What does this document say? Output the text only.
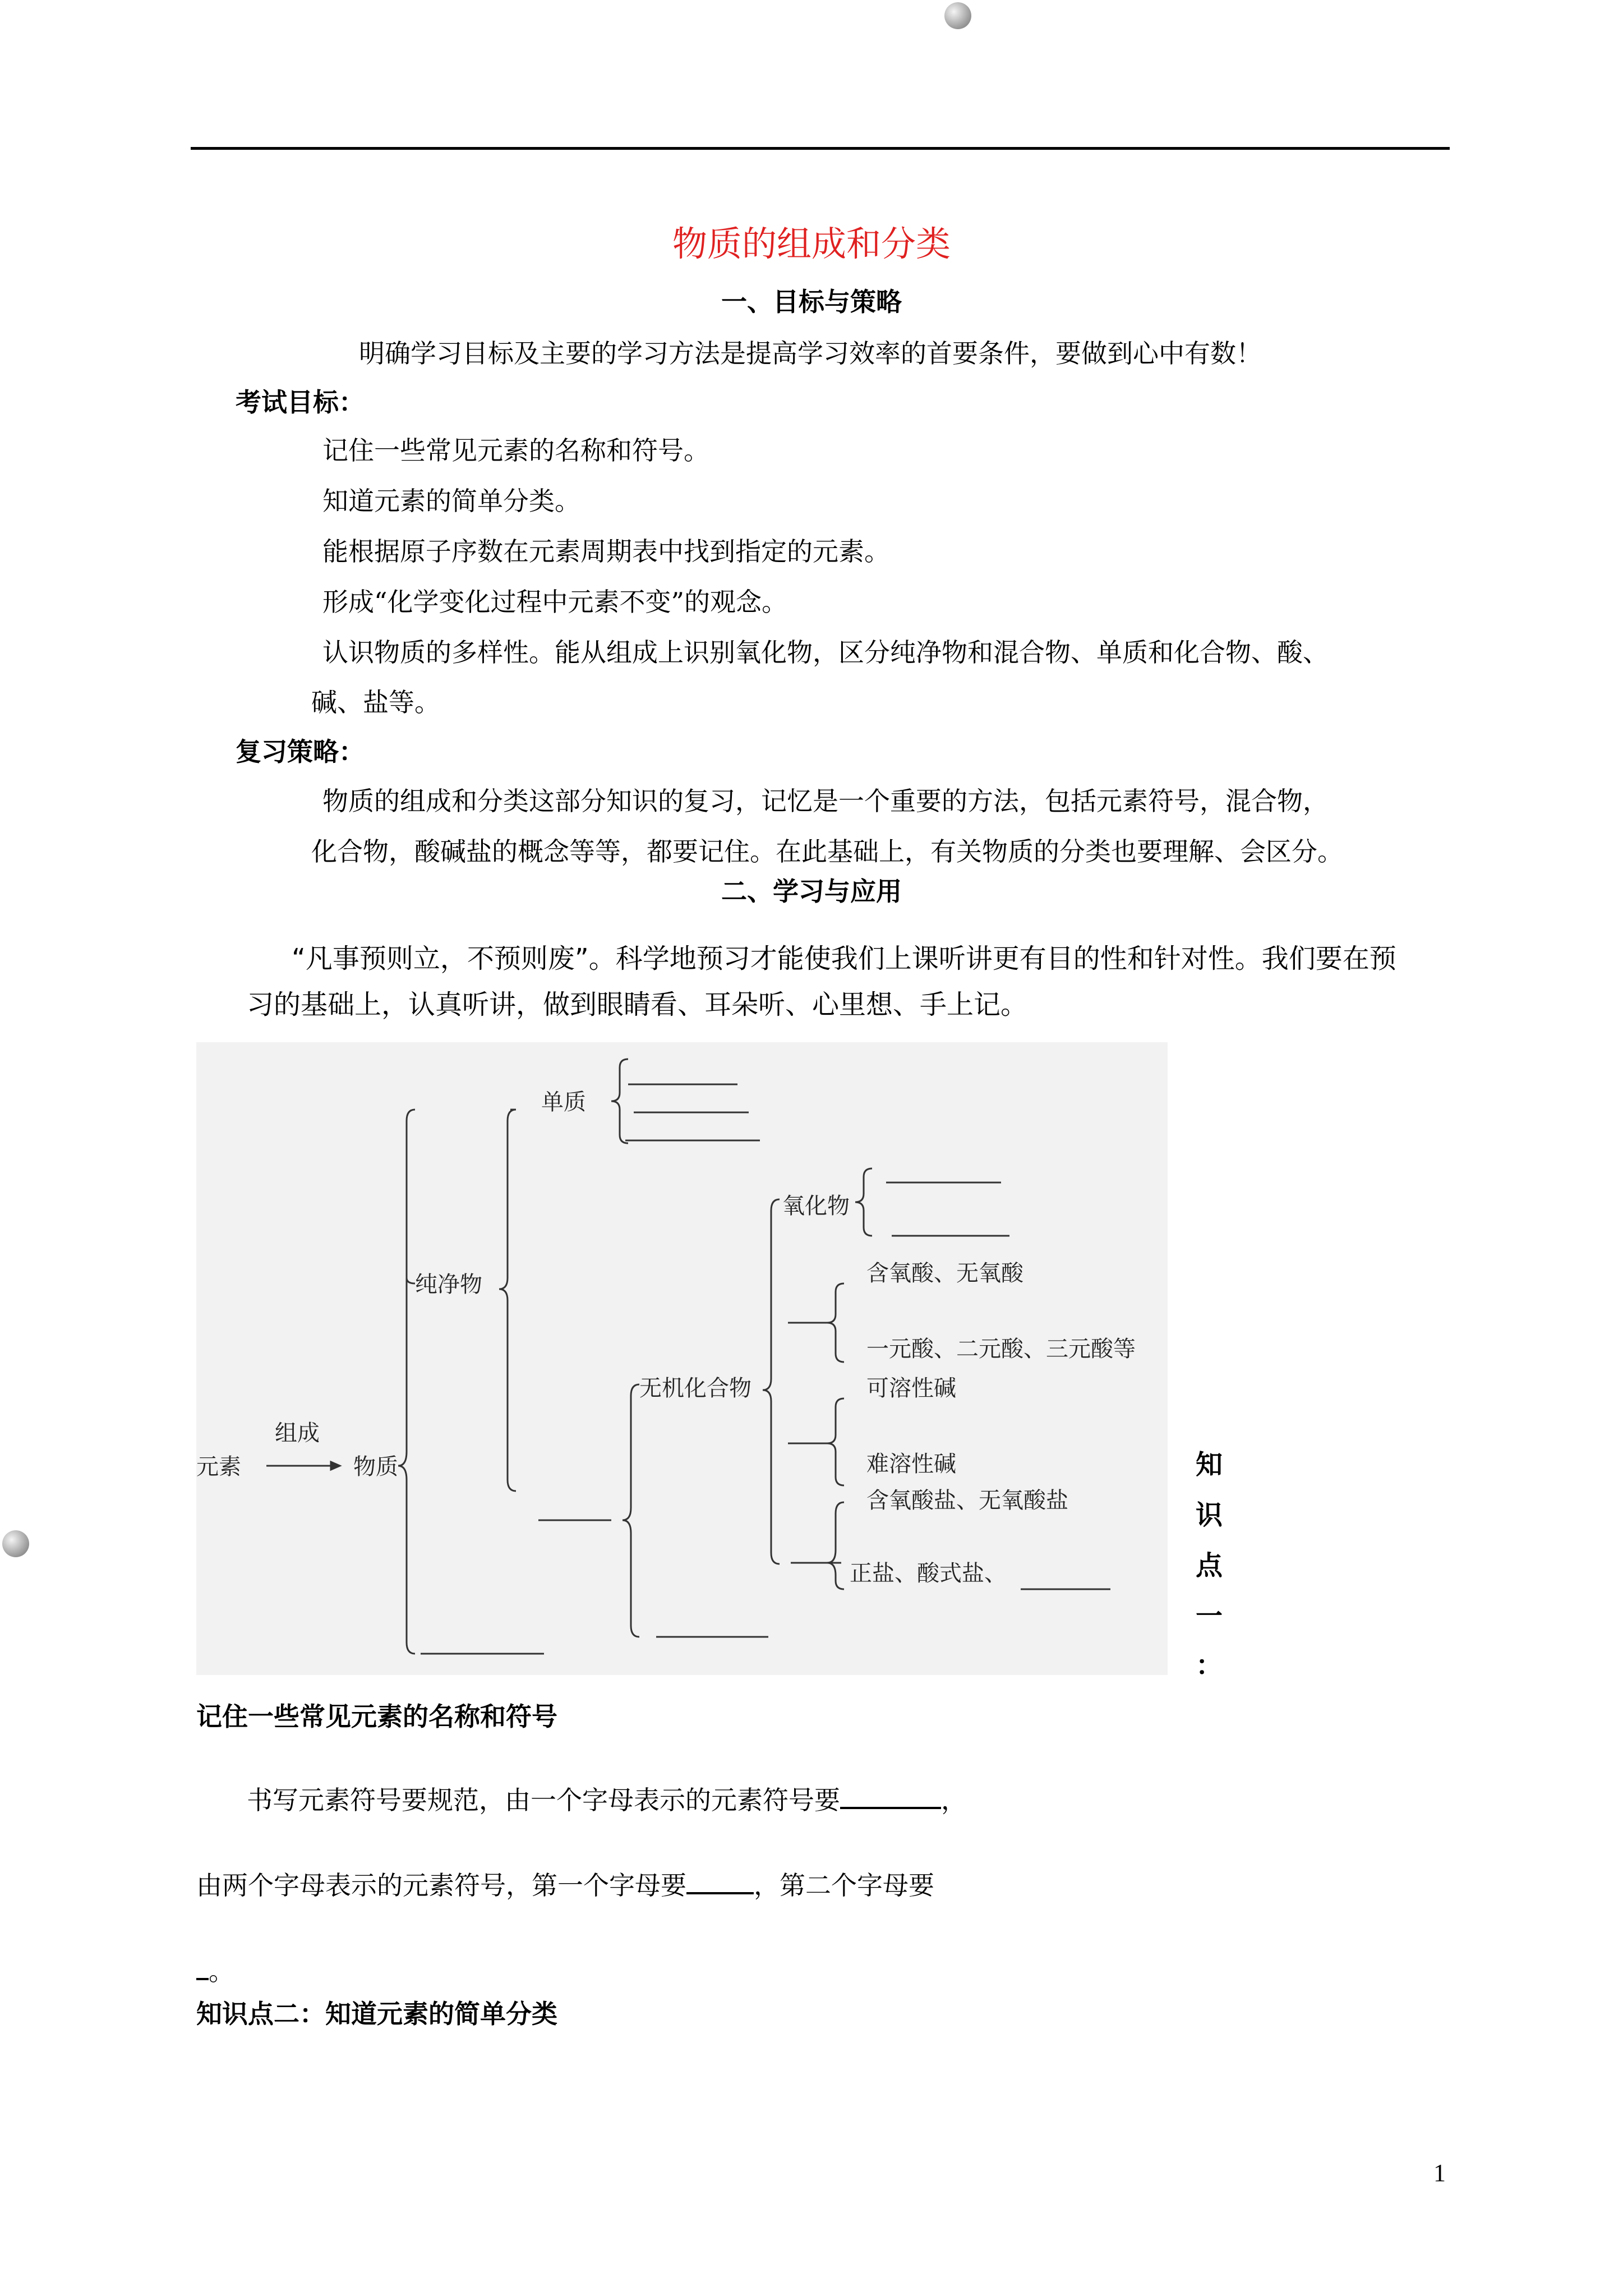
物质的组成和分类
一、目标与策略
明确学习目标及主要的学习方法是提高学习效率的首要条件，要做到心中有数！
考试目标：
记住一些常见元素的名称和符号。
知道元素的简单分类。
能根据原子序数在元素周期表中找到指定的元素。
形成“化学变化过程中元素不变”的观念。
认识物质的多样性。能从组成上识别氧化物，区分纯净物和混合物、单质和化合物、酸、
碱、盐等。
复习策略：
物质的组成和分类这部分知识的复习，记忆是一个重要的方法，包括元素符号，混合物，
化合物，酸碱盐的概念等等，都要记住。在此基础上，有关物质的分类也要理解、会区分。
二、学习与应用
“凡事预则立，不预则废”。科学地预习才能使我们上课听讲更有目的性和针对性。我们要在预
习的基础上，认真听讲，做到眼睛看、耳朵听、心里想、手上记。
元素
组成
物质
纯净物
单质
无机化合物
氧化物
含氧酸、无氧酸
一元酸、二元酸、三元酸等
可溶性碱
难溶性碱
含氧酸盐、无氧酸盐
正盐、酸式盐、
知
识
点
一
：
记住一些常见元素的名称和符号
书写元素符号要规范，由一个字母表示的元素符号要	，
由两个字母表示的元素符号，第一个字母要	，第二个字母要
。
知识点二：知道元素的简单分类
1
